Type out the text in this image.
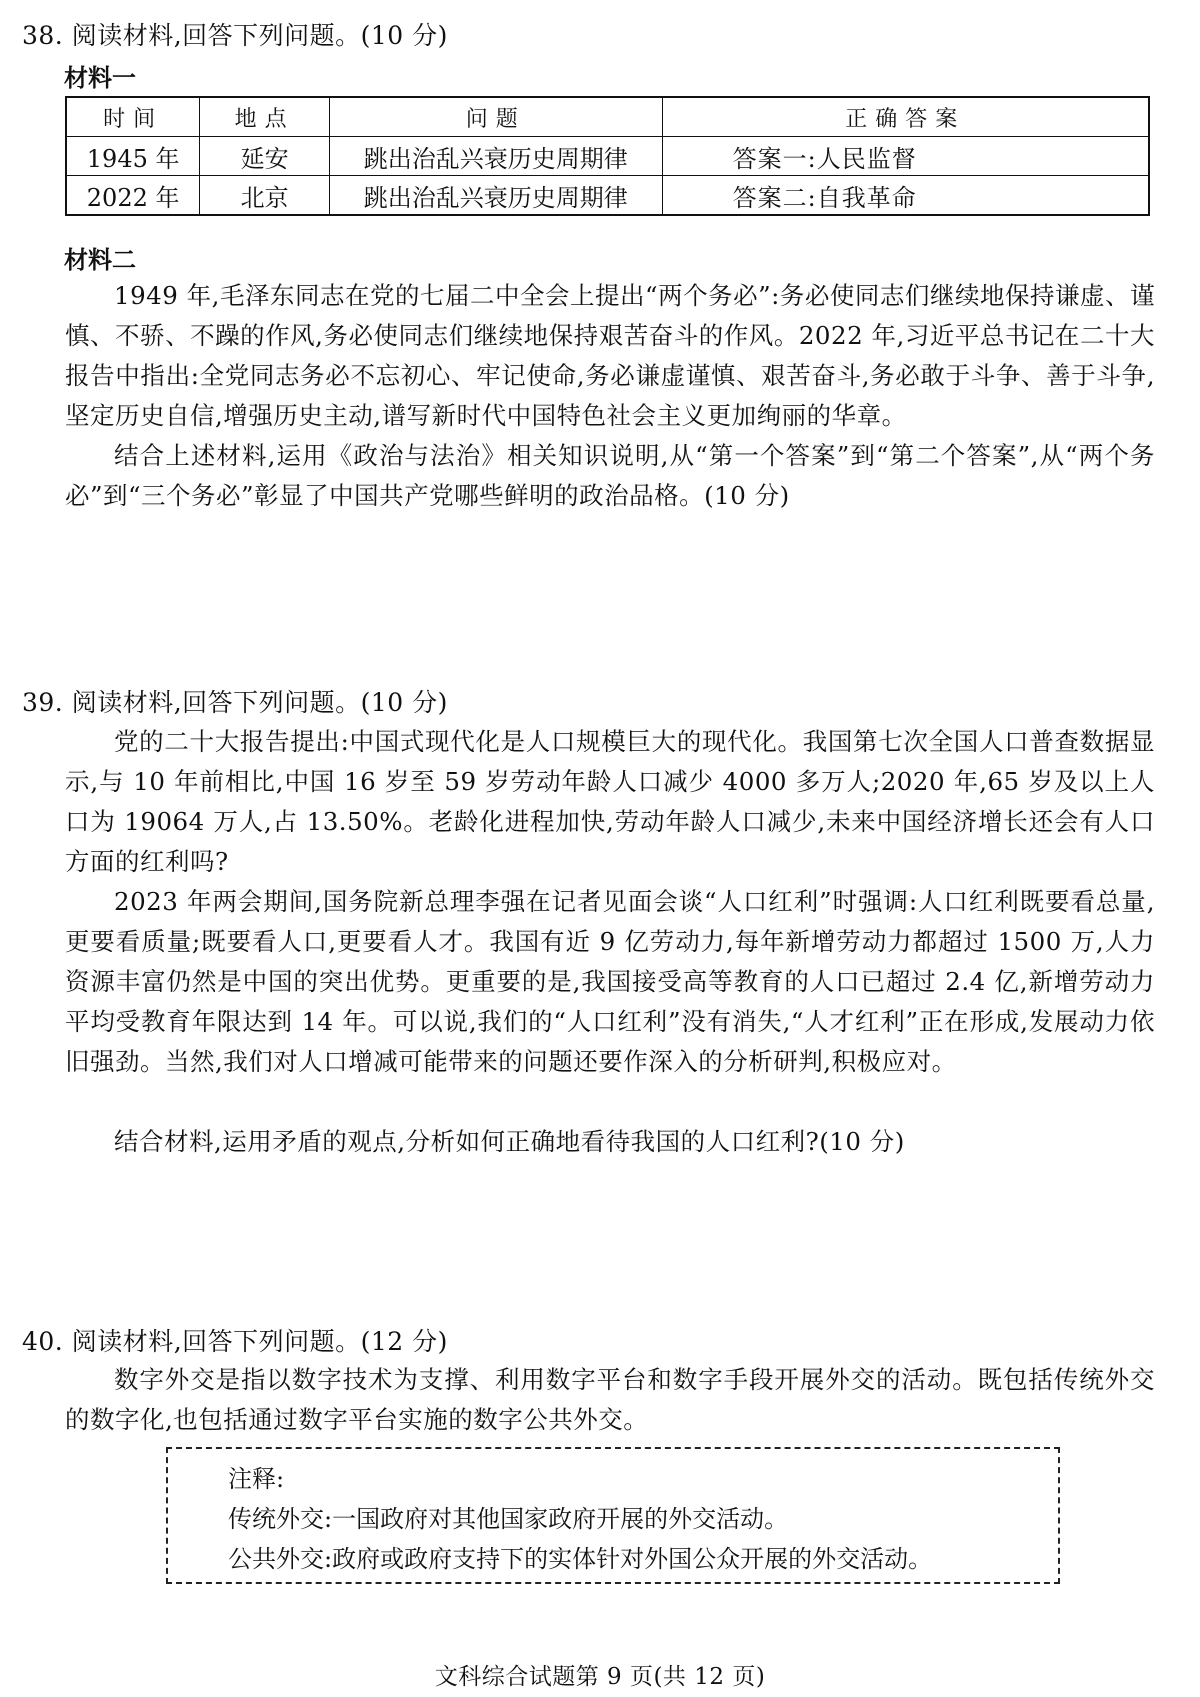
38. 阅读材料,回答下列问题。(10 分)
材料一
时间	地点	问题	正确答案
1945 年	延安	跳出治乱兴衰历史周期律	答案一:人民监督
2022 年	北京	跳出治乱兴衰历史周期律	答案二:自我革命
材料二
1949 年,毛泽东同志在党的七届二中全会上提出“两个务必”:务必使同志们继续地保持谦虚、谨慎、不骄、不躁的作风,务必使同志们继续地保持艰苦奋斗的作风。2022 年,习近平总书记在二十大报告中指出:全党同志务必不忘初心、牢记使命,务必谦虚谨慎、艰苦奋斗,务必敢于斗争、善于斗争,坚定历史自信,增强历史主动,谱写新时代中国特色社会主义更加绚丽的华章。
结合上述材料,运用《政治与法治》相关知识说明,从“第一个答案”到“第二个答案”,从“两个务必”到“三个务必”彰显了中国共产党哪些鲜明的政治品格。(10 分)
39. 阅读材料,回答下列问题。(10 分)
党的二十大报告提出:中国式现代化是人口规模巨大的现代化。我国第七次全国人口普查数据显示,与 10 年前相比,中国 16 岁至 59 岁劳动年龄人口减少 4000 多万人;2020 年,65 岁及以上人口为 19064 万人,占 13.50%。老龄化进程加快,劳动年龄人口减少,未来中国经济增长还会有人口方面的红利吗?
2023 年两会期间,国务院新总理李强在记者见面会谈“人口红利”时强调:人口红利既要看总量,更要看质量;既要看人口,更要看人才。我国有近 9 亿劳动力,每年新增劳动力都超过 1500 万,人力资源丰富仍然是中国的突出优势。更重要的是,我国接受高等教育的人口已超过 2.4 亿,新增劳动力平均受教育年限达到 14 年。可以说,我们的“人口红利”没有消失,“人才红利”正在形成,发展动力依旧强劲。当然,我们对人口增减可能带来的问题还要作深入的分析研判,积极应对。
结合材料,运用矛盾的观点,分析如何正确地看待我国的人口红利?(10 分)
40. 阅读材料,回答下列问题。(12 分)
数字外交是指以数字技术为支撑、利用数字平台和数字手段开展外交的活动。既包括传统外交的数字化,也包括通过数字平台实施的数字公共外交。
注释:
传统外交:一国政府对其他国家政府开展的外交活动。
公共外交:政府或政府支持下的实体针对外国公众开展的外交活动。
文科综合试题第 9 页(共 12 页)
